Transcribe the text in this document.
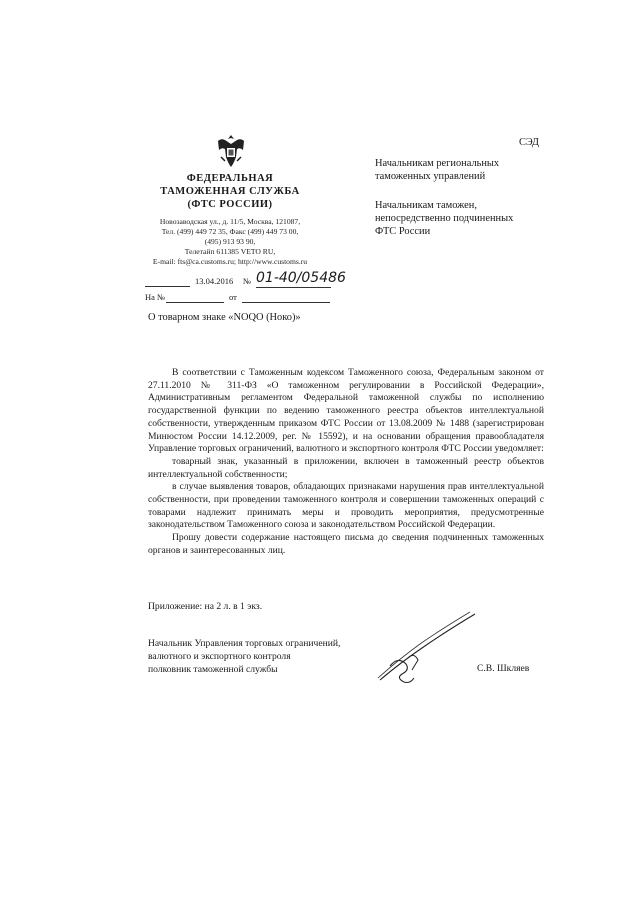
ФЕДЕРАЛЬНАЯ
ТАМОЖЕННАЯ СЛУЖБА
(ФТС РОССИИ)
Новозаводская ул., д. 11/5, Москва, 121087,
Тел. (499) 449 72 35, Факс (499) 449 73 00,
(495) 913 93 90,
Телетайп 611385 VETO RU,
E-mail: fts@ca.customs.ru; http://www.customs.ru
СЭД
Начальникам региональных
таможенных управлений
Начальникам таможен,
непосредственно подчиненных
ФТС России
13.04.2016 № 01-40/05486
На №	от
О товарном знаке «NOQO (Ноко)»

В соответствии с Таможенным кодексом Таможенного союза, Федеральным законом от 27.11.2010 № 311-ФЗ «О таможенном регулировании в Российской Федерации», Административным регламентом Федеральной таможенной службы по исполнению государственной функции по ведению таможенного реестра объектов интеллектуальной собственности, утвержденным приказом ФТС России от 13.08.2009 № 1488 (зарегистрирован Минюстом России 14.12.2009, рег. № 15592), и на основании обращения правообладателя Управление торговых ограничений, валютного и экспортного контроля ФТС России уведомляет:

товарный знак, указанный в приложении, включен в таможенный реестр объектов интеллектуальной собственности;

в случае выявления товаров, обладающих признаками нарушения прав интеллектуальной собственности, при проведении таможенного контроля и совершении таможенных операций с товарами надлежит принимать меры и проводить мероприятия, предусмотренные законодательством Таможенного союза и законодательством Российской Федерации.

Прошу довести содержание настоящего письма до сведения подчиненных таможенных органов и заинтересованных лиц.

Приложение: на 2 л. в 1 экз.
Начальник Управления торговых ограничений,
валютного и экспортного контроля
полковник таможенной службы	С.В. Шкляев
